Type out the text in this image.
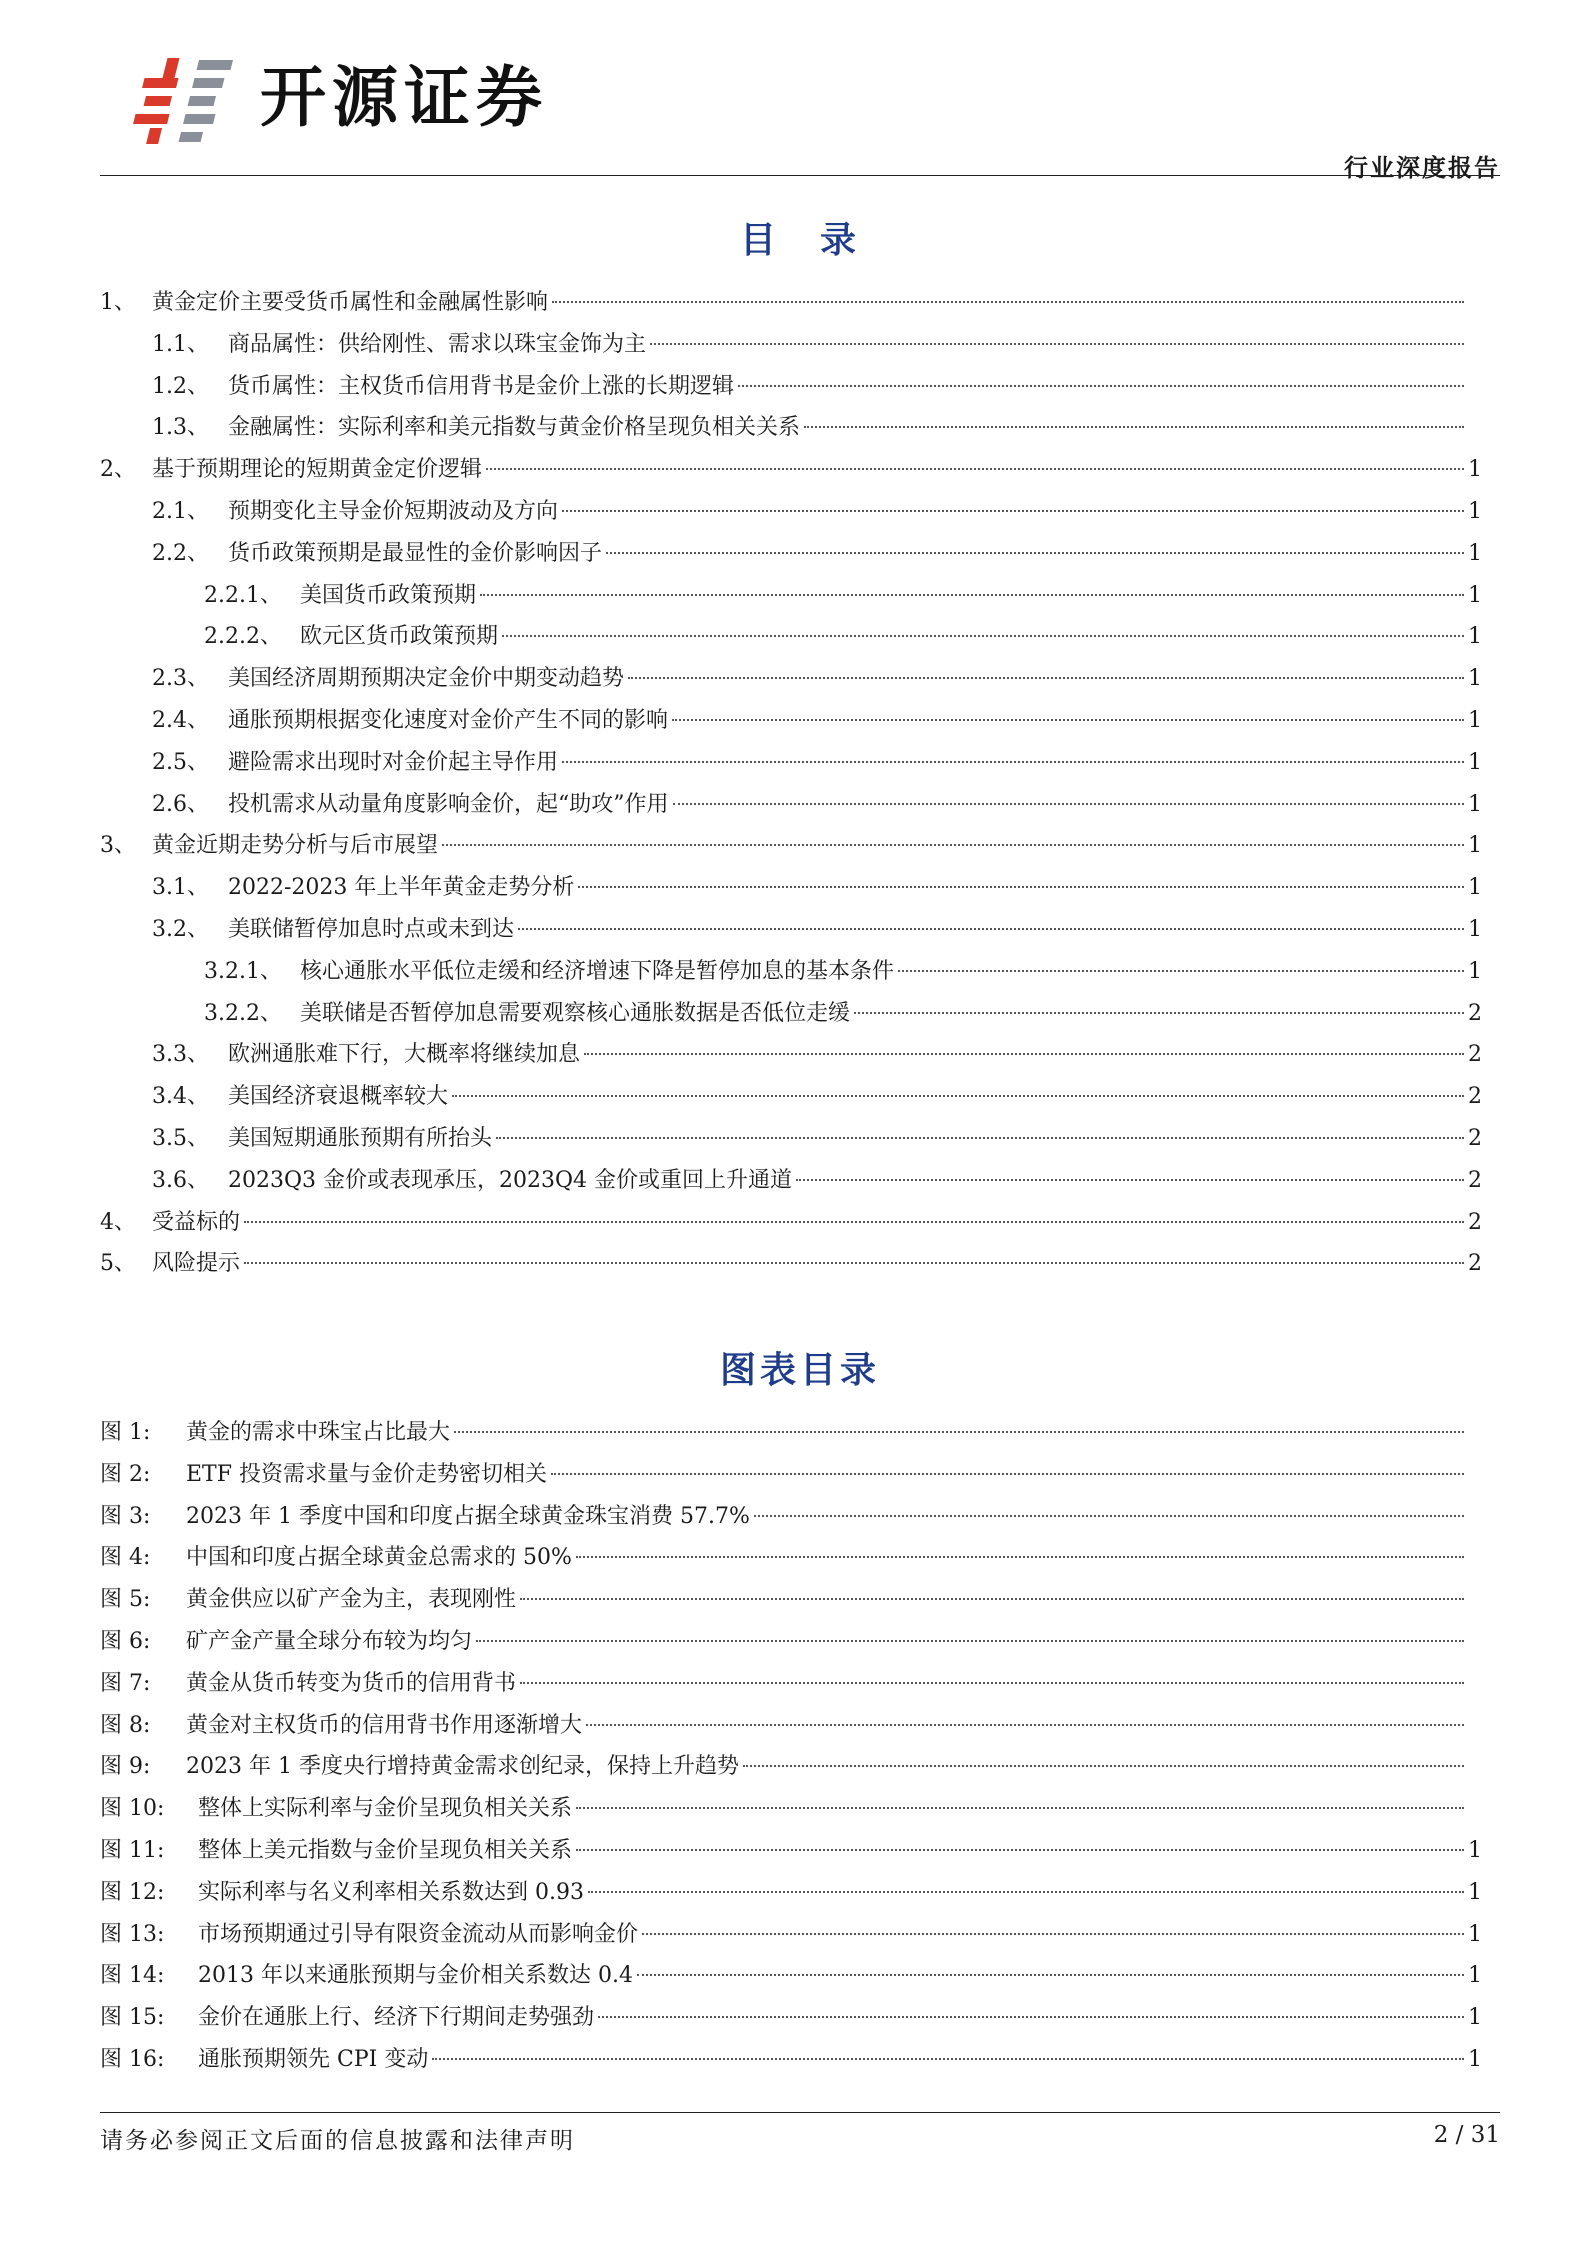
开源证券
行业深度报告
目　录
1、 黄金定价主要受货币属性和金融属性影响
1.1、 商品属性：供给刚性、需求以珠宝金饰为主
1.2、 货币属性：主权货币信用背书是金价上涨的长期逻辑
1.3、 金融属性：实际利率和美元指数与黄金价格呈现负相关关系
2、 基于预期理论的短期黄金定价逻辑	1
2.1、 预期变化主导金价短期波动及方向	1
2.2、 货币政策预期是最显性的金价影响因子	1
2.2.1、 美国货币政策预期	1
2.2.2、 欧元区货币政策预期	1
2.3、 美国经济周期预期决定金价中期变动趋势	1
2.4、 通胀预期根据变化速度对金价产生不同的影响	1
2.5、 避险需求出现时对金价起主导作用	1
2.6、 投机需求从动量角度影响金价，起“助攻”作用	1
3、 黄金近期走势分析与后市展望	1
3.1、 2022-2023 年上半年黄金走势分析	1
3.2、 美联储暂停加息时点或未到达	1
3.2.1、 核心通胀水平低位走缓和经济增速下降是暂停加息的基本条件	1
3.2.2、 美联储是否暂停加息需要观察核心通胀数据是否低位走缓	2
3.3、 欧洲通胀难下行，大概率将继续加息	2
3.4、 美国经济衰退概率较大	2
3.5、 美国短期通胀预期有所抬头	2
3.6、 2023Q3 金价或表现承压，2023Q4 金价或重回上升通道	2
4、 受益标的	2
5、 风险提示	2
图表目录
图 1:	黄金的需求中珠宝占比最大
图 2:	ETF 投资需求量与金价走势密切相关
图 3:	2023 年 1 季度中国和印度占据全球黄金珠宝消费 57.7%
图 4:	中国和印度占据全球黄金总需求的 50%
图 5:	黄金供应以矿产金为主，表现刚性
图 6:	矿产金产量全球分布较为均匀
图 7:	黄金从货币转变为货币的信用背书
图 8:	黄金对主权货币的信用背书作用逐渐增大
图 9:	2023 年 1 季度央行增持黄金需求创纪录，保持上升趋势
图 10:	整体上实际利率与金价呈现负相关关系
图 11:	整体上美元指数与金价呈现负相关关系	1
图 12:	实际利率与名义利率相关系数达到 0.93	1
图 13:	市场预期通过引导有限资金流动从而影响金价	1
图 14:	2013 年以来通胀预期与金价相关系数达 0.4	1
图 15:	金价在通胀上行、经济下行期间走势强劲	1
图 16:	通胀预期领先 CPI 变动	1
请务必参阅正文后面的信息披露和法律声明	2 / 31
